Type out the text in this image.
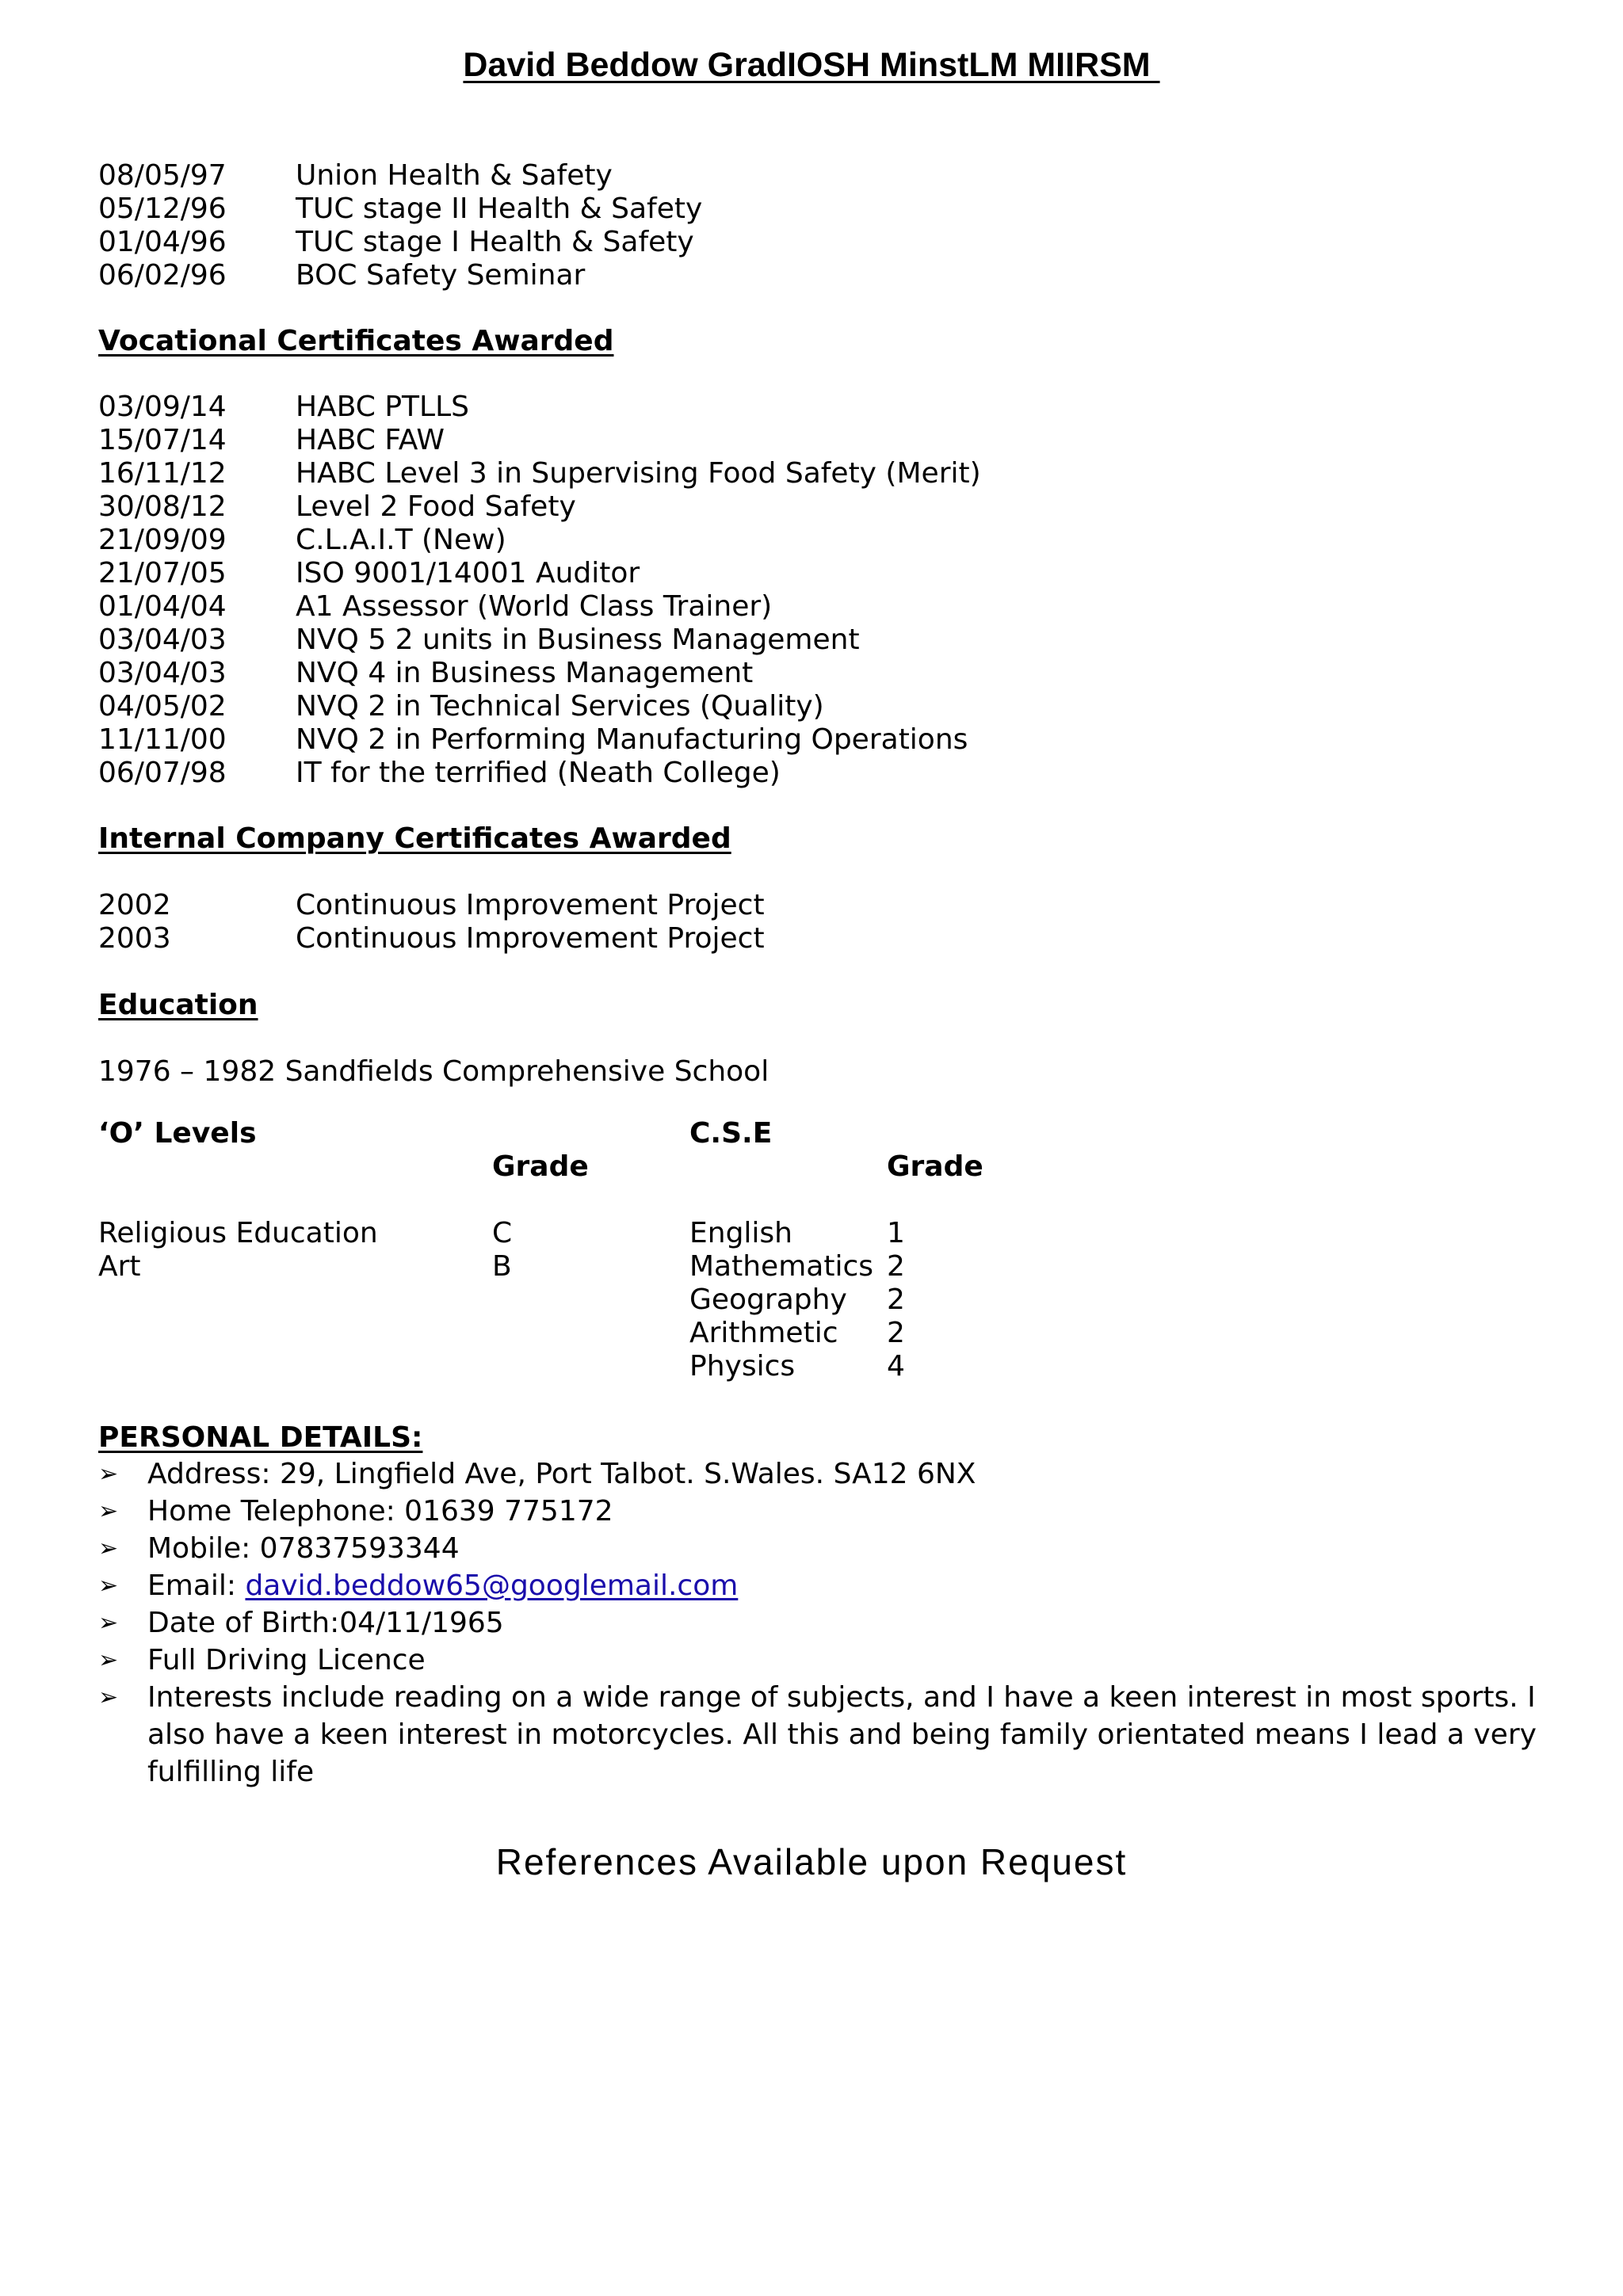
David Beddow GradIOSH MinstLM MIIRSM
08/05/97 Union Health & Safety
05/12/96 TUC stage II Health & Safety
01/04/96 TUC stage I Health & Safety
06/02/96 BOC Safety Seminar
Vocational Certificates Awarded
03/09/14 HABC PTLLS
15/07/14 HABC FAW
16/11/12 HABC Level 3 in Supervising Food Safety (Merit)
30/08/12 Level 2 Food Safety
21/09/09 C.L.A.I.T (New)
21/07/05 ISO 9001/14001 Auditor
01/04/04 A1 Assessor (World Class Trainer)
03/04/03 NVQ 5 2 units in Business Management
03/04/03 NVQ 4 in Business Management
04/05/02 NVQ 2 in Technical Services (Quality)
11/11/00 NVQ 2 in Performing Manufacturing Operations
06/07/98 IT for the terrified (Neath College)
Internal Company Certificates Awarded
2002	Continuous Improvement Project
2003	Continuous Improvement Project
Education
1976 – 1982 Sandfields Comprehensive School
‘O’ Levels
Grade
C.S.E
Grade
Religious Education	C
Art	B
English	1
Mathematics 2
Geography 2
Arithmetic 2
Physics	4
PERSONAL DETAILS:
➢ Address: 29, Lingfield Ave, Port Talbot. S.Wales. SA12 6NX
➢ Home Telephone: 01639 775172
➢ Mobile: 07837593344
➢ Email: david.beddow65@googlemail.com
➢ Date of Birth:04/11/1965
➢ Full Driving Licence
➢ Interests include reading on a wide range of subjects, and I have a keen interest in most sports. I also have a keen interest in motorcycles. All this and being family orientated means I lead a very fulfilling life
References Available upon Request
